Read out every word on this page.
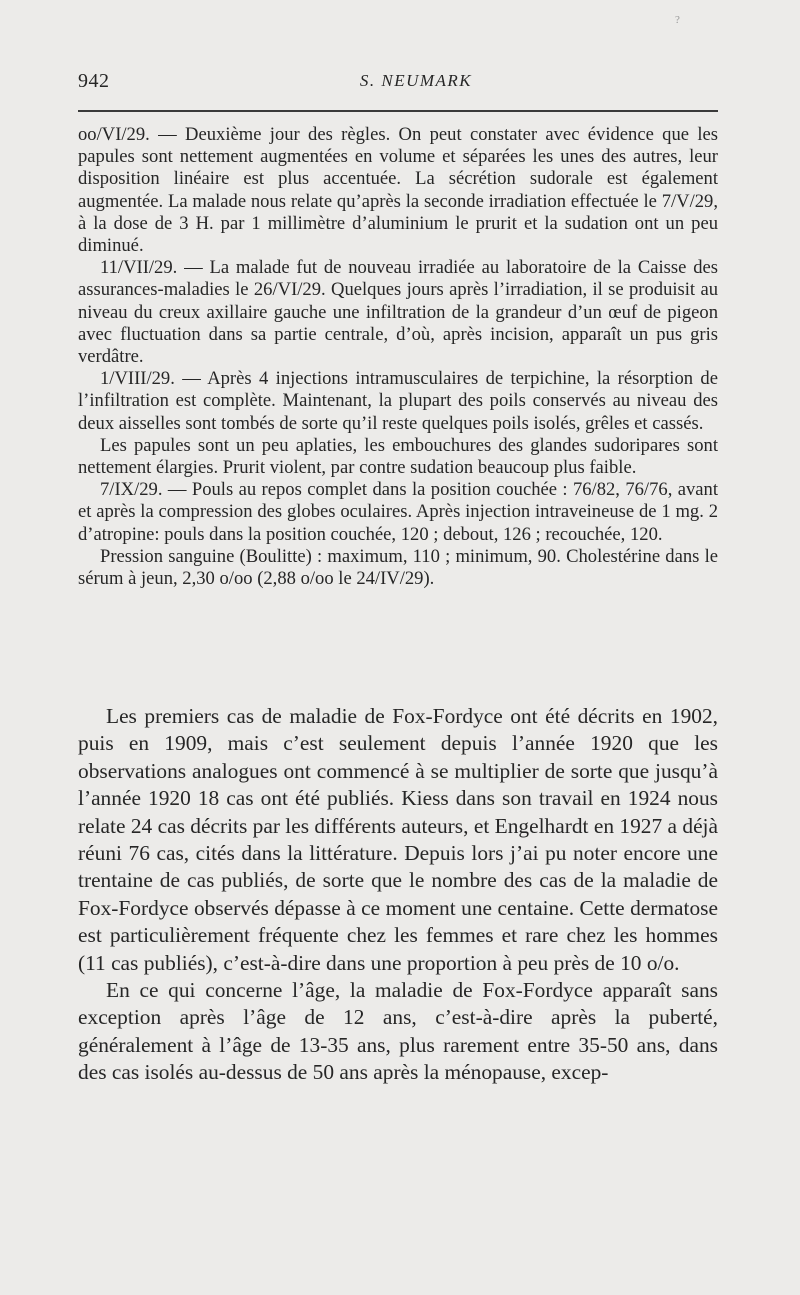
?
942	S. NEUMARK

oo/VI/29. — Deuxième jour des règles. On peut constater avec évidence que les papules sont nettement augmentées en volume et séparées les unes des autres, leur disposition linéaire est plus accentuée. La sécrétion sudorale est également augmentée. La malade nous relate qu’après la seconde irradiation effectuée le 7/V/29, à la dose de 3 H. par 1 millimètre d’aluminium le prurit et la sudation ont un peu diminué.

11/VII/29. — La malade fut de nouveau irradiée au laboratoire de la Caisse des assurances-maladies le 26/VI/29. Quelques jours après l’irradiation, il se produisit au niveau du creux axillaire gauche une infiltration de la grandeur d’un œuf de pigeon avec fluctuation dans sa partie centrale, d’où, après incision, apparaît un pus gris verdâtre.

1/VIII/29. — Après 4 injections intramusculaires de terpichine, la résorption de l’infiltration est complète. Maintenant, la plupart des poils conservés au niveau des deux aisselles sont tombés de sorte qu’il reste quelques poils isolés, grêles et cassés.

Les papules sont un peu aplaties, les embouchures des glandes sudoripares sont nettement élargies. Prurit violent, par contre sudation beaucoup plus faible.

7/IX/29. — Pouls au repos complet dans la position couchée : 76/82, 76/76, avant et après la compression des globes oculaires. Après injection intraveineuse de 1 mg. 2 d’atropine: pouls dans la position couchée, 120 ; debout, 126 ; recouchée, 120.

Pression sanguine (Boulitte) : maximum, 110 ; minimum, 90. Cholestérine dans le sérum à jeun, 2,30 o/oo (2,88 o/oo le 24/IV/29).

Les premiers cas de maladie de Fox-Fordyce ont été décrits en 1902, puis en 1909, mais c’est seulement depuis l’année 1920 que les observations analogues ont commencé à se multiplier de sorte que jusqu’à l’année 1920 18 cas ont été publiés. Kiess dans son travail en 1924 nous relate 24 cas décrits par les différents auteurs, et Engelhardt en 1927 a déjà réuni 76 cas, cités dans la littérature. Depuis lors j’ai pu noter encore une trentaine de cas publiés, de sorte que le nombre des cas de la maladie de Fox-Fordyce observés dépasse à ce moment une centaine. Cette dermatose est particulièrement fréquente chez les femmes et rare chez les hommes (11 cas publiés), c’est-à-dire dans une proportion à peu près de 10 o/o.

En ce qui concerne l’âge, la maladie de Fox-Fordyce apparaît sans exception après l’âge de 12 ans, c’est-à-dire après la puberté, généralement à l’âge de 13-35 ans, plus rarement entre 35-50 ans, dans des cas isolés au-dessus de 50 ans après la ménopause, excep-
